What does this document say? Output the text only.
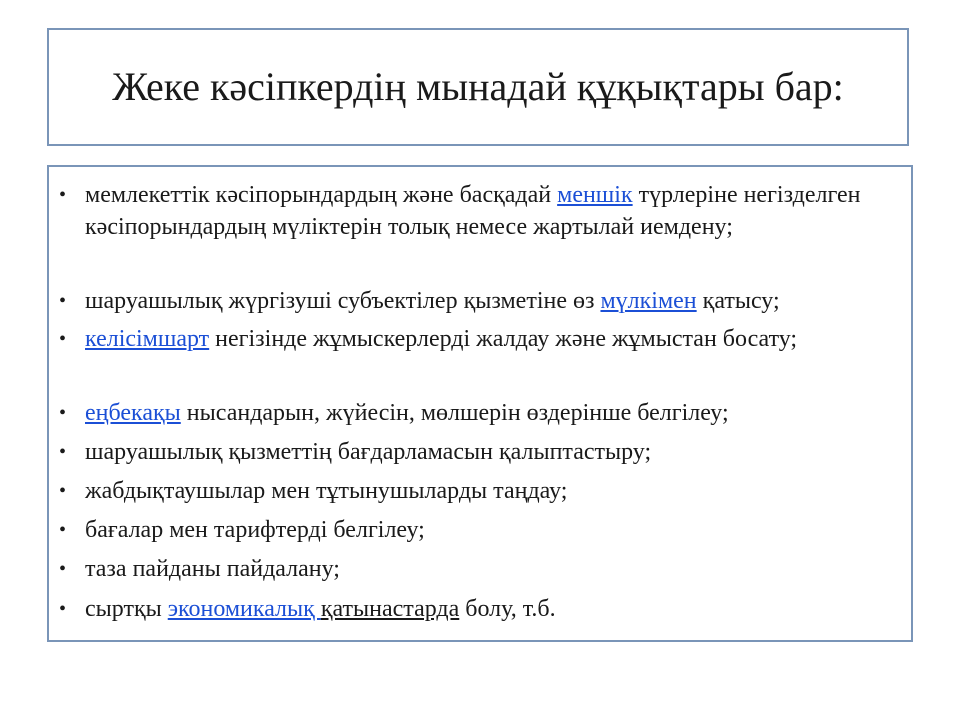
Жеке кәсіпкердің мынадай құқықтары бар:
• мемлекеттік кәсіпорындардың және басқадай меншік түрлеріне негізделген кәсіпорындардың мүліктерін толық немесе жартылай иемдену;
• шаруашылық жүргізуші субъектілер қызметіне өз мүлкімен қатысу;
• келісімшарт негізінде жұмыскерлерді жалдау және жұмыстан босату;
• еңбекақы нысандарын, жүйесін, мөлшерін өздерінше белгілеу;
• шаруашылық қызметтің бағдарламасын қалыптастыру;
• жабдықтаушылар мен тұтынушыларды таңдау;
• бағалар мен тарифтерді белгілеу;
• таза пайданы пайдалану;
• сыртқы экономикалық қатынастарда болу, т.б.
